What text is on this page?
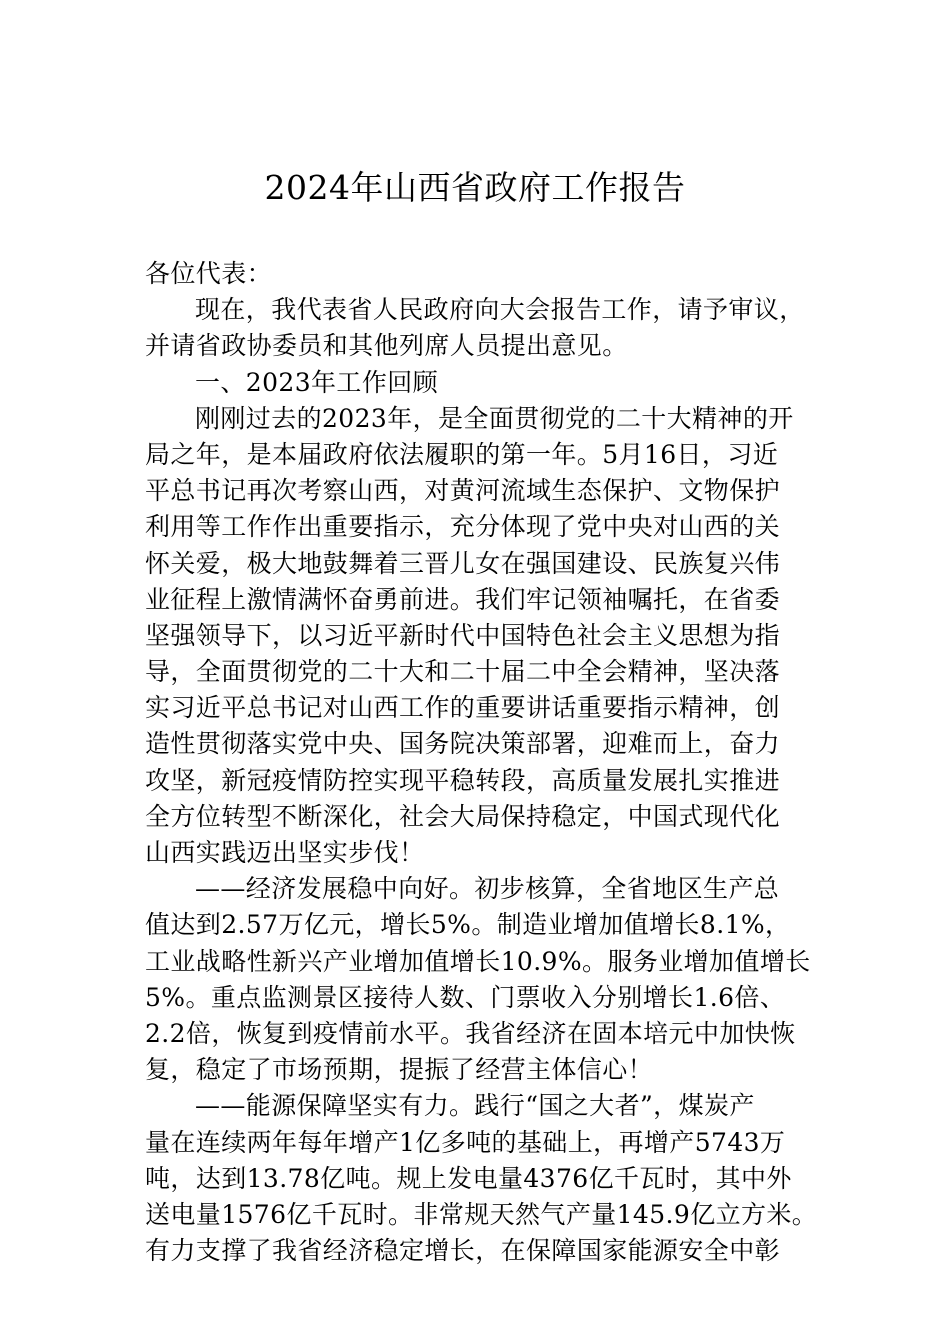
2024年山西省政府工作报告
各位代表：
现在，我代表省人民政府向大会报告工作，请予审议，
并请省政协委员和其他列席人员提出意见。
一、2023年工作回顾
刚刚过去的2023年，是全面贯彻党的二十大精神的开
局之年，是本届政府依法履职的第一年。5月16日，习近
平总书记再次考察山西，对黄河流域生态保护、文物保护
利用等工作作出重要指示，充分体现了党中央对山西的关
怀关爱，极大地鼓舞着三晋儿女在强国建设、民族复兴伟
业征程上激情满怀奋勇前进。我们牢记领袖嘱托，在省委
坚强领导下，以习近平新时代中国特色社会主义思想为指
导，全面贯彻党的二十大和二十届二中全会精神，坚决落
实习近平总书记对山西工作的重要讲话重要指示精神，创
造性贯彻落实党中央、国务院决策部署，迎难而上，奋力
攻坚，新冠疫情防控实现平稳转段，高质量发展扎实推进
全方位转型不断深化，社会大局保持稳定，中国式现代化
山西实践迈出坚实步伐！
——经济发展稳中向好。初步核算，全省地区生产总
值达到2.57万亿元，增长5%。制造业增加值增长8.1%，
工业战略性新兴产业增加值增长10.9%。服务业增加值增长
5%。重点监测景区接待人数、门票收入分别增长1.6倍、
2.2倍，恢复到疫情前水平。我省经济在固本培元中加快恢
复，稳定了市场预期，提振了经营主体信心！
——能源保障坚实有力。践行“国之大者”，煤炭产
量在连续两年每年增产1亿多吨的基础上，再增产5743万
吨，达到13.78亿吨。规上发电量4376亿千瓦时，其中外
送电量1576亿千瓦时。非常规天然气产量145.9亿立方米。
有力支撑了我省经济稳定增长，在保障国家能源安全中彰
